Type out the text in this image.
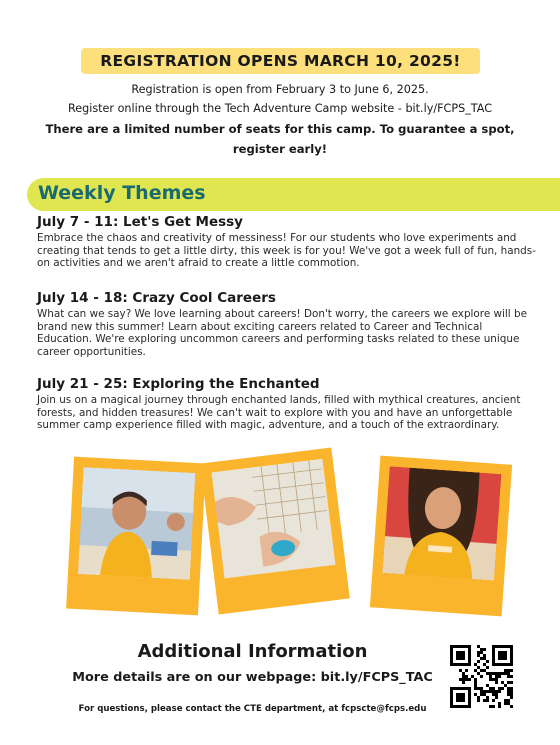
REGISTRATION OPENS MARCH 10, 2025!
Registration is open from February 3 to June 6, 2025.
Register online through the Tech Adventure Camp website - bit.ly/FCPS_TAC
There are a limited number of seats for this camp. To guarantee a spot,
register early!
Weekly Themes
July 7 - 11: Let's Get Messy
Embrace the chaos and creativity of messiness! For our students who love experiments and creating that tends to get a little dirty, this week is for you! We've got a week full of fun, hands-on activities and we aren't afraid to create a little commotion.
July 14 - 18: Crazy Cool Careers
What can we say? We love learning about careers! Don't worry, the careers we explore will be brand new this summer! Learn about exciting careers related to Career and Technical Education. We're exploring uncommon careers and performing tasks related to these unique career opportunities.
July 21 - 25: Exploring the Enchanted
Join us on a magical journey through enchanted lands, filled with mythical creatures, ancient forests, and hidden treasures! We can't wait to explore with you and have an unforgettable summer camp experience filled with magic, adventure, and a touch of the extraordinary.
Additional Information
More details are on our webpage: bit.ly/FCPS_TAC
For questions, please contact the CTE department, at fcpscte@fcps.edu
